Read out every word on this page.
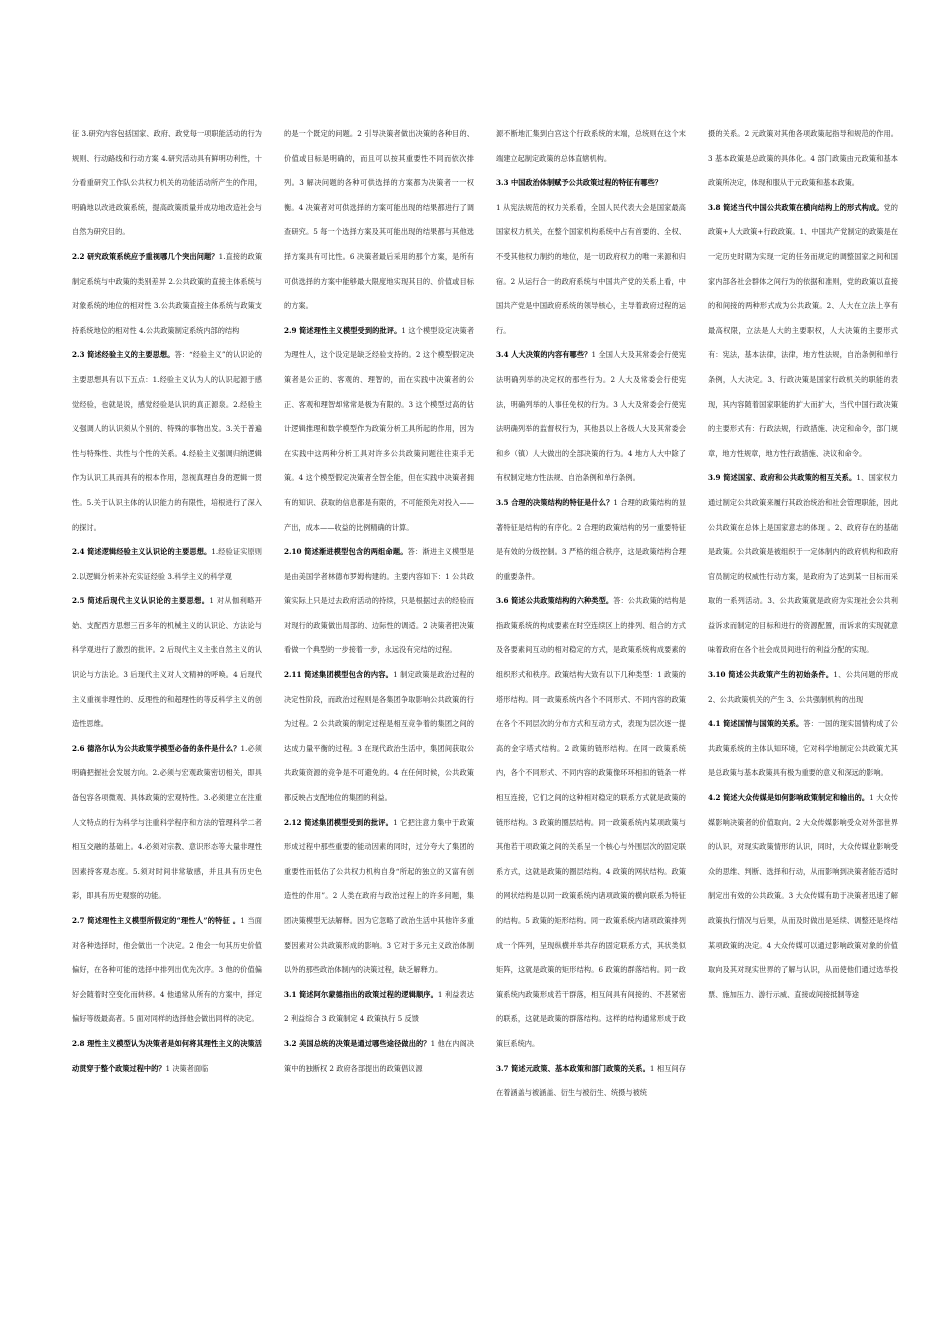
征 3.研究内容包括国家、政府、政党每一项职能活动的行为规则、行动路线和行动方案 4.研究活动具有鲜明功利性，十分看重研究工作队公共权力机关的功能活动所产生的作用，明确地以改进政策系统，提高政策质量并成功地改造社会与自然为研究目的。

2.2 研究政策系统应予重视哪几个突出问题？1.直接的政策制定系统与中政策的类别差异 2.公共政策的直接主体系统与对象系统的地位的相对性 3.公共政策直接主体系统与政策支持系统地位的相对性 4.公共政策制定系统内部的结构

2.3 简述经验主义的主要思想。答：“经验主义”的认识论的主要思想具有以下五点：1.经验主义认为人的认识起源于感觉经验，也就是说，感觉经验是认识的真正源泉。2.经验主义强调人的认识须从个别的、特殊的事物出发。3.关于普遍性与特殊性、共性与个性的关系。4.经验主义强调归纳逻辑作为认识工具而具有的根本作用，忽视真理自身的逻辑一贯性。5.关于认识主体的认识能力的有限性，培根进行了深入的探讨。

2.4 简述逻辑经验主义认识论的主要思想。1.经验证实原则 2.以逻辑分析来补充实证经验 3.科学主义的科学观

2.5 简述后现代主义认识论的主要思想。1 对从伽利略开始、支配西方思想三百多年的机械主义的认识论、方法论与科学观进行了激烈的批评。2 后现代主义主张自然主义的认识论与方法论。3 后现代主义对人文精神的呼唤。4 后现代主义重视非理性的、反理性的和超理性的等反科学主义的创造性思维。

2.6 德洛尔认为公共政策学模型必备的条件是什么？1.必须明确把握社会发展方向。2.必须与宏观政策密切相关，即具备包容各项微观、具体政策的宏观特性。3.必须建立在注重人文特点的行为科学与注重科学程序和方法的管理科学二者相互交融的基础上。4.必须对宗教、意识形态等大量非理性因素持客观态度。5.须对时间非常敏感，并且具有历史色彩，即具有历史观察的功能。

2.7 简述理性主义模型所假定的“理性人”的特征 。1 当面对各种选择时，他会做出一个决定。2 他会一句其历史价值偏好，在各种可能的选择中排列出优先次序。3 他的价值偏好会随着时空变化而转移。4 他通常从所有的方案中，择定偏好等级最高者。5 面对同样的选择他会做出同样的决定。

2.8 理性主义模型认为决策者是如何将其理性主义的决策活动贯穿于整个政策过程中的？1 决策者面临

的是一个既定的问题。2 引导决策者做出决策的各种目的、价值或目标是明确的，而且可以按其重要性不同而依次排列。3 解决问题的各种可供选择的方案都为决策者一一权衡。4 决策者对可供选择的方案可能出现的结果都进行了调查研究。5 每一个选择方案及其可能出现的结果都与其他选择方案具有可比性。6 决策者最后采用的那个方案，是所有可供选择的方案中能够最大限度地实现其目的、价值或目标的方案。

2.9 简述理性主义模型受到的批评。1 这个模型设定决策者为理性人，这个设定是缺乏经验支持的。2 这个模型假定决策者是公正的、客观的、理智的，而在实践中决策者的公正、客观和理智却常常是极为有限的。3 这个模型过高的估计逻辑推理和数学模型作为政策分析工具所起的作用，因为在实践中这两种分析工具对许多公共政策问题往往束手无策。4 这个模型假定决策者全智全能，但在实践中决策者拥有的知识、获取的信息都是有限的，不可能预先对投入——产出，成本——收益的比例精确的计算。

2.10 简述渐进模型包含的两组命题。答：渐进主义模型是是由美国学者林德布罗姆构建的。主要内容如下：1 公共政策实际上只是过去政府活动的持续，只是根据过去的经验而对现行的政策做出局部的、边际性的调适。2 决策者把决策看做一个典型的一步接着一步，永远没有完结的过程。

2.11 简述集团模型包含的内容。1 制定政策是政治过程的决定性阶段，而政治过程则是各集团争取影响公共政策的行为过程。2 公共政策的制定过程是相互竞争着的集团之间的达成力量平衡的过程。3 在现代政治生活中，集团间获取公共政策资源的竞争是不可避免的。4 在任何时候，公共政策都反映占支配地位的集团的利益。

2.12 简述集团模型受到的批评。1 它把注意力集中于政策形成过程中那些重要的能动因素的同时，过分夸大了集团的重要性而低估了公共权力机构自身“所起的独立的又富有创造性的作用”。2 人类在政府与政治过程上的许多问题，集团决策模型无法解释。因为它忽略了政治生活中其他许多重要因素对公共政策形成的影响。3 它对于多元主义政治体制以外的那些政治体制内的决策过程，缺乏解释力。

3.1 简述阿尔蒙德指出的政策过程的逻辑顺序。1 利益表达 2 利益综合 3 政策制定 4 政策执行 5 反馈

3.2 美国总统的决策是通过哪些途径做出的？1 他在内阁决策中的独断权 2 政府各部提出的政策倡议源

源不断地汇集到白宫这个行政系统的末端，总统则在这个末端建立起制定政策的总体直辖机构。

3.3 中国政治体制赋予公共政策过程的特征有哪些？

1 从宪法规范的权力关系看，全国人民代表大会是国家最高国家权力机关，在整个国家机构系统中占有首要的、全权、不受其他权力制约的地位，是一切政府权力的唯一来源和归宿。2 从运行合一的政府系统与中国共产党的关系上看，中国共产党是中国政府系统的领导核心，主导着政府过程的运行。

3.4 人大决策的内容有哪些？1 全国人大及其常委会行使宪法明确列举的决定权的那些行为。2 人大及常委会行使宪法，明确列举的人事任免权的行为。3 人大及常委会行使宪法明确列举的监督权行为，其他县以上各级人大及其常委会和乡（镇）人大做出的全部决策的行为。4 地方人大中除了有权制定地方性法规、自治条例和单行条例。

3.5 合理的决策结构的特征是什么？1 合理的政策结构的显著特征是结构的有序化。2 合理的政策结构的另一重要特征是有效的分级控制。3 严格的组合秩序，这是政策结构合理的重要条件。

3.6 简述公共政策结构的六种类型。答：公共政策的结构是指政策系统的构成要素在时空连续区上的排列、组合的方式及各要素间互动的相对稳定的方式，是政策系统构成要素的组织形式和秩序。政策结构大致有以下几种类型：1 政策的塔形结构。同一政策系统内各个不同形式、不同内容的政策在各个不同层次的分布方式和互动方式，表现为层次逐一提高的金字塔式结构。2 政策的链形结构。在同一政策系统内，各个不同形式、不同内容的政策像环环相扣的链条一样相互连接，它们之间的这种相对稳定的联系方式就是政策的链形结构。3 政策的圈层结构。同一政策系统内某项政策与其他若干项政策之间的关系呈一个核心与外围层次的固定联系方式，这就是政策的圈层结构。4 政策的网状结构。政策的网状结构是以同一政策系统内诸项政策的横向联系为特征的结构。5 政策的矩形结构。同一政策系统内诸项政策排列成一个阵列，呈现纵横并举共存的固定联系方式，其状类似矩阵，这就是政策的矩形结构。6 政策的群落结构。同一政策系统内政策形成若干群落，相互间具有间接的、不甚紧密的联系，这就是政策的群落结构。这样的结构通常形成于政策巨系统内。

3.7 简述元政策、基本政策和部门政策的关系。1 相互间存在着涵盖与被涵盖、衍生与被衍生、统摄与被统

摄的关系。2 元政策对其他各项政策起指导和规范的作用。3 基本政策是总政策的具体化。4 部门政策由元政策和基本政策所决定，体现和服从于元政策和基本政策。

3.8 简述当代中国公共政策在横向结构上的形式构成。党的政策+人大政策+行政政策。1、中国共产党制定的政策是在一定历史时期为实现一定的任务而规定的调整国家之间和国家内部各社会群体之间行为的依据和准则，党的政策以直接的和间接的两种形式成为公共政策。2、人大在立法上享有最高权限，立法是人大的主要职权，人大决策的主要形式有：宪法，基本法律，法律，地方性法规，自治条例和单行条例，人大决定。3、行政决策是国家行政机关的职能的表现，其内容随着国家职能的扩大而扩大，当代中国行政决策的主要形式有：行政法规，行政措施、决定和命令，部门规章，地方性规章，地方性行政措施、决议和命令。

3.9 简述国家、政府和公共政策的相互关系。1、国家权力通过制定公共政策来履行其政治统治和社会管理职能，因此公共政策在总体上是国家意志的体现 。2、政府存在的基础是政策。公共政策是被组织于一定体制内的政府机构和政府官员制定的权威性行动方案，是政府为了达到某一目标而采取的一系列活动。3、公共政策就是政府为实现社会公共利益诉求而制定的目标和进行的资源配置，而诉求的实现就意味着政府在各个社会成员间进行的利益分配的实现。

3.10 简述公共政策产生的初始条件。1、公共问题的形成 2、公共政策机关的产生 3、公共强制机构的出现

4.1 简述国情与国策的关系。答：一国的现实国情构成了公共政策系统的主体认知环境，它对科学地制定公共政策尤其是总政策与基本政策具有极为重要的意义和深远的影响。

4.2 简述大众传媒是如何影响政策制定和输出的。1 大众传媒影响决策者的价值取向。2 大众传媒影响受众对外部世界的认识，对现实政策情形的认识，同时，大众传媒业影响受众的思维、判断、选择和行动，从而影响到决策者能否适时制定出有效的公共政策。3 大众传媒有助于决策者迅速了解政策执行情况与后果，从而及时做出是延续、调整还是终结某项政策的决定。4 大众传媒可以通过影响政策对象的价值取向及其对现实世界的了解与认识，从而使他们通过选举投票、施加压力、游行示威、直接或间接抵制等途
